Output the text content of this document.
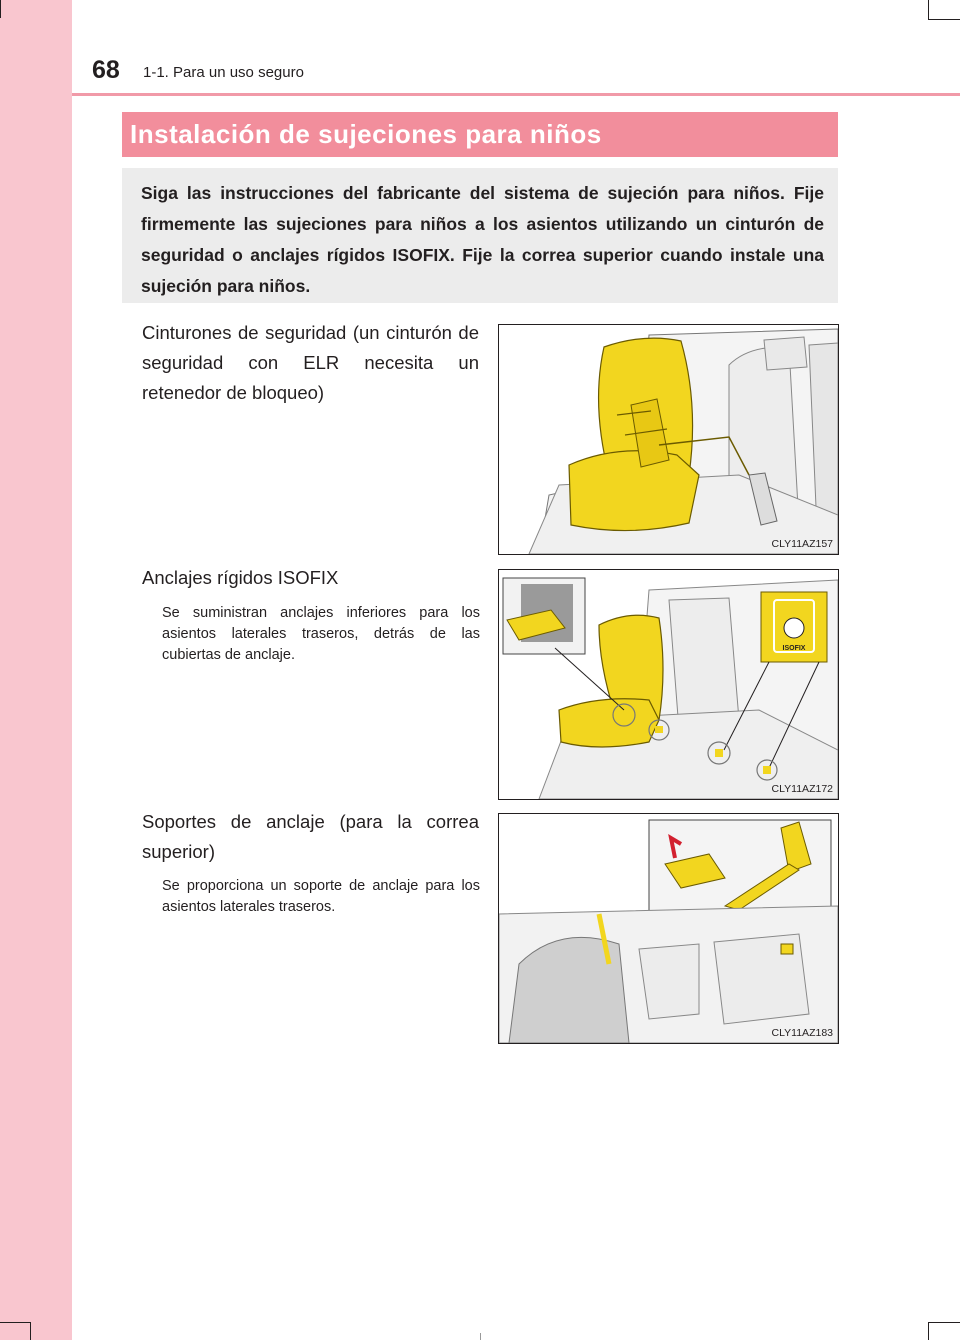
68 1-1. Para un uso seguro
Instalación de sujeciones para niños
Siga las instrucciones del fabricante del sistema de sujeción para niños. Fije firmemente las sujeciones para niños a los asientos utilizando un cinturón de seguridad o anclajes rígidos ISOFIX. Fije la correa superior cuando instale una sujeción para niños.
Cinturones de seguridad (un cinturón de seguridad con ELR necesita un retenedor de bloqueo)
CLY11AZ157
Anclajes rígidos ISOFIX
Se suministran anclajes inferiores para los asientos laterales traseros, detrás de las cubiertas de anclaje.	ISOFIX
CLY11AZ172
Soportes de anclaje (para la correa superior)
Se proporciona un soporte de anclaje para los asientos laterales traseros.
CLY11AZ183
